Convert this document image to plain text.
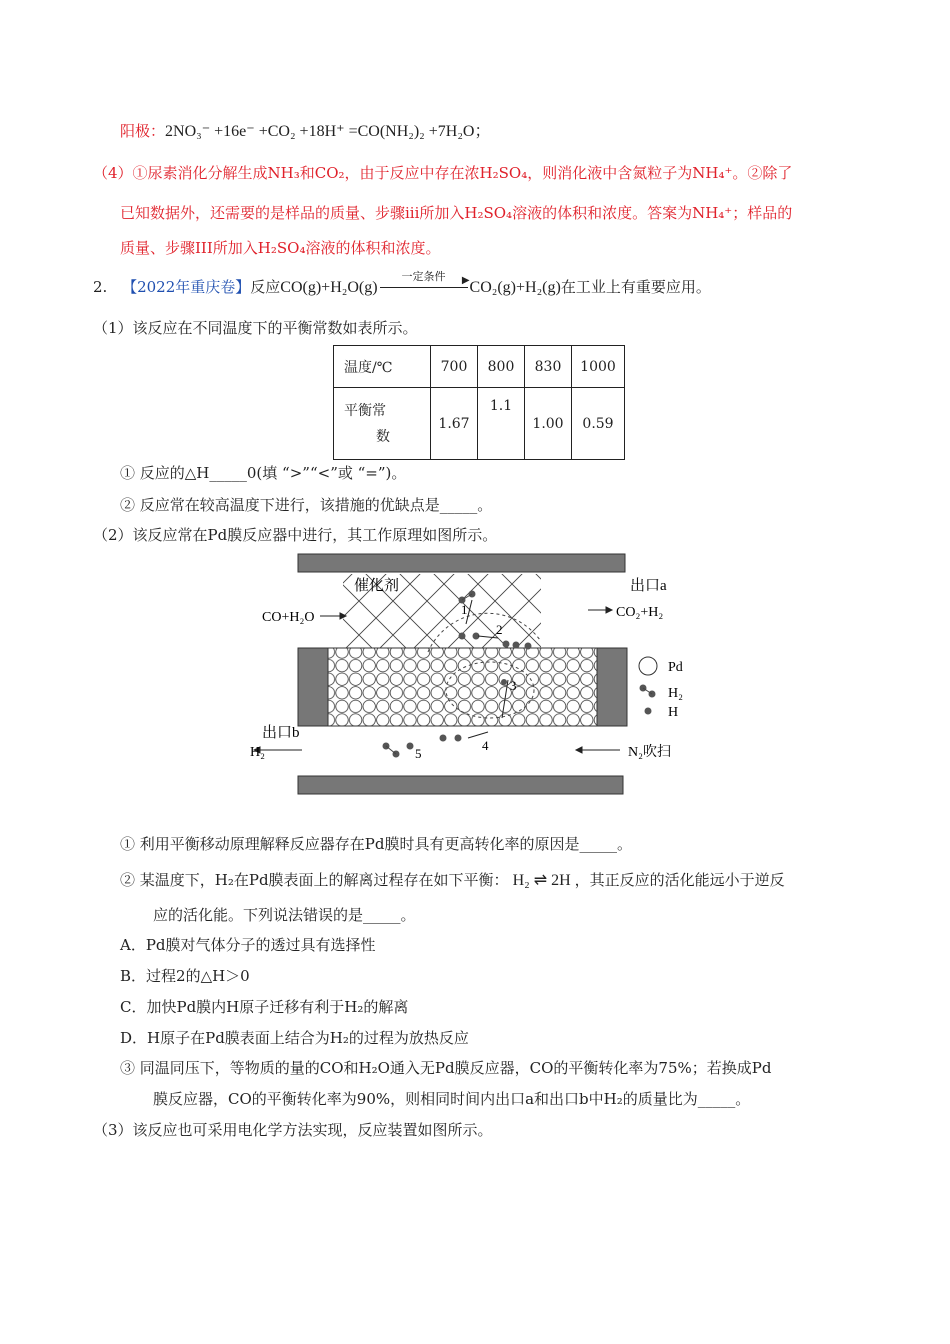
阳极：2NO₃⁻ +16e⁻ +CO₂ +18H⁺ =CO(NH₂)₂ +7H₂O；
（4）①尿素消化分解生成NH₃和CO₂，由于反应中存在浓H₂SO₄，则消化液中含氮粒子为NH₄⁺。②除了
已知数据外，还需要的是样品的质量、步骤iii所加入H₂SO₄溶液的体积和浓度。答案为NH₄⁺；样品的
质量、步骤III所加入H₂SO₄溶液的体积和浓度。
2. 【2022年重庆卷】反应CO(g)+H₂O(g)
一定条件	▶ CO₂(g)+H₂(g)在工业上有重要应用。
（1）该反应在不同温度下的平衡常数如表所示。
温度/℃	700	800	830	1000

平衡常
数	1.67	1.1	1.00	0.59
① 反应的△H_____0(填 “>”“<”或 “=”)。
② 反应常在较高温度下进行，该措施的优缺点是_____。
（2）该反应常在Pd膜反应器中进行，其工作原理如图所示。
催化剂	出口a
CO+H₂O	CO₂+H₂
出口b
H₂	N₂吹扫
1
2
3
4
5
Pd
H₂
H
① 利用平衡移动原理解释反应器存在Pd膜时具有更高转化率的原因是_____。
② 某温度下，H₂在Pd膜表面上的解离过程存在如下平衡： H₂ ⇌ 2H ，其正反应的活化能远小于逆反
应的活化能。下列说法错误的是_____。
A．Pd膜对气体分子的透过具有选择性
B．过程2的△H＞0
C．加快Pd膜内H原子迁移有利于H₂的解离
D．H原子在Pd膜表面上结合为H₂的过程为放热反应
③ 同温同压下，等物质的量的CO和H₂O通入无Pd膜反应器，CO的平衡转化率为75%；若换成Pd
膜反应器，CO的平衡转化率为90%，则相同时间内出口a和出口b中H₂的质量比为_____。
（3）该反应也可采用电化学方法实现，反应装置如图所示。
